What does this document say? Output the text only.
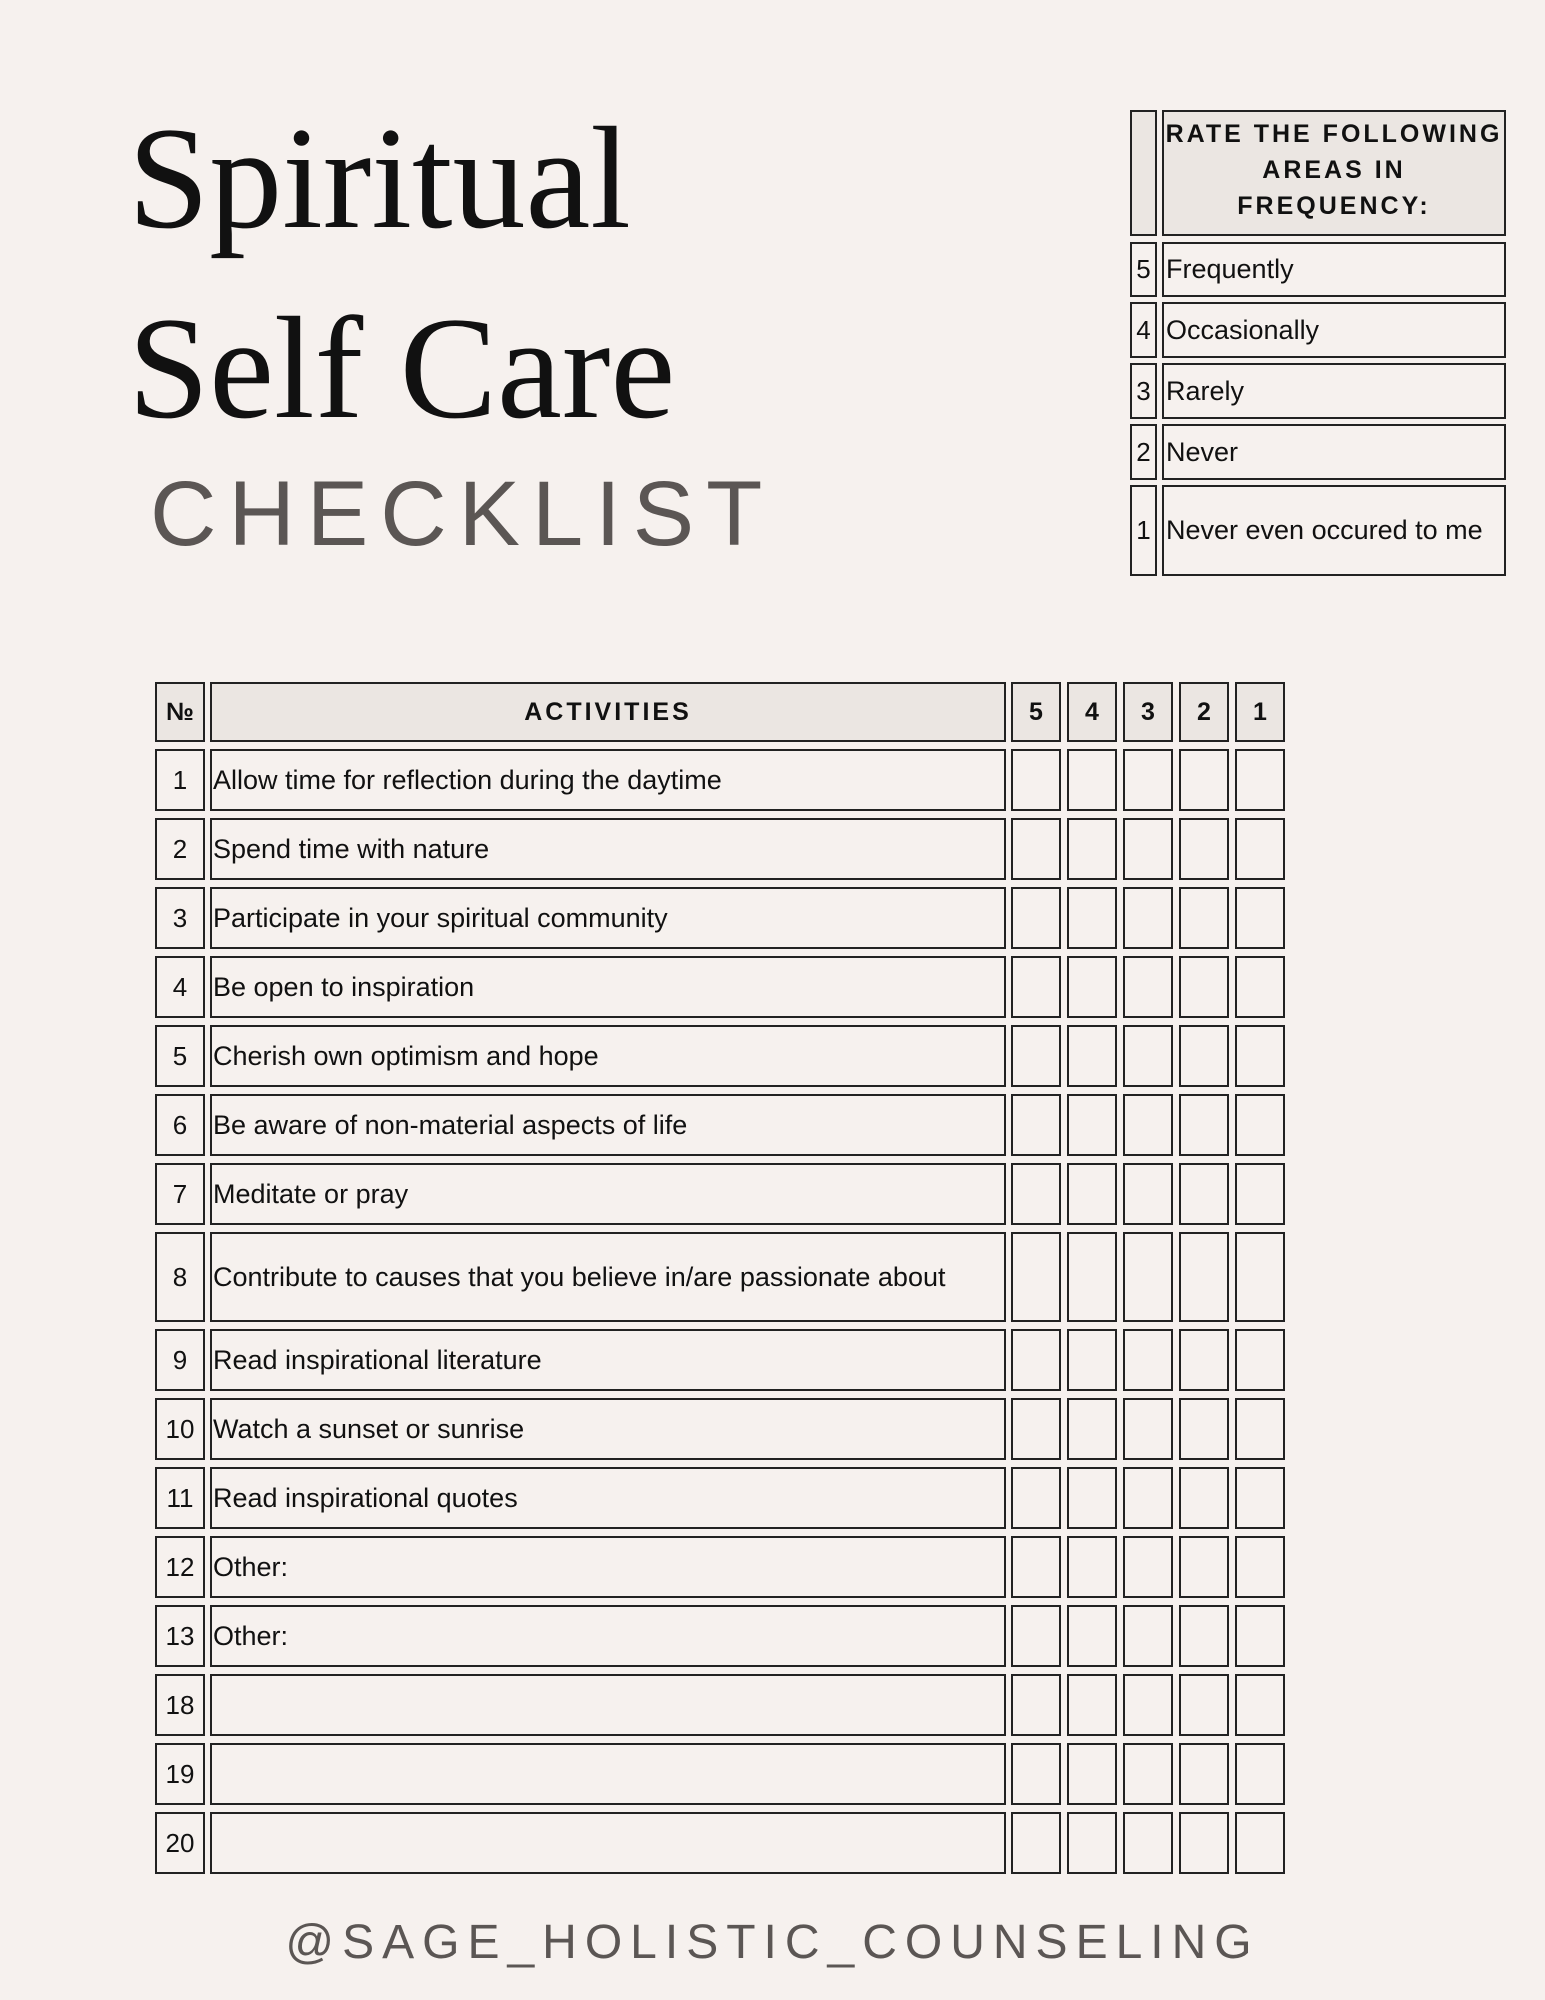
Spiritual
Self Care
CHECKLIST
@SAGE_HOLISTIC_COUNSELING
RATE THE FOLLOWING AREAS IN FREQUENCY:
5 Frequently
4 Occasionally
3 Rarely
2 Never
1 Never even occured to me
№	ACTIVITIES	5	4	3	2	1
1 Allow time for reflection during the daytime
2 Spend time with nature
3 Participate in your spiritual community
4 Be open to inspiration
5 Cherish own optimism and hope
6 Be aware of non-material aspects of life
7 Meditate or pray
8 Contribute to causes that you believe in/are passionate about
9 Read inspirational literature
10 Watch a sunset or sunrise
11 Read inspirational quotes
12 Other:
13 Other:
18
19
20
